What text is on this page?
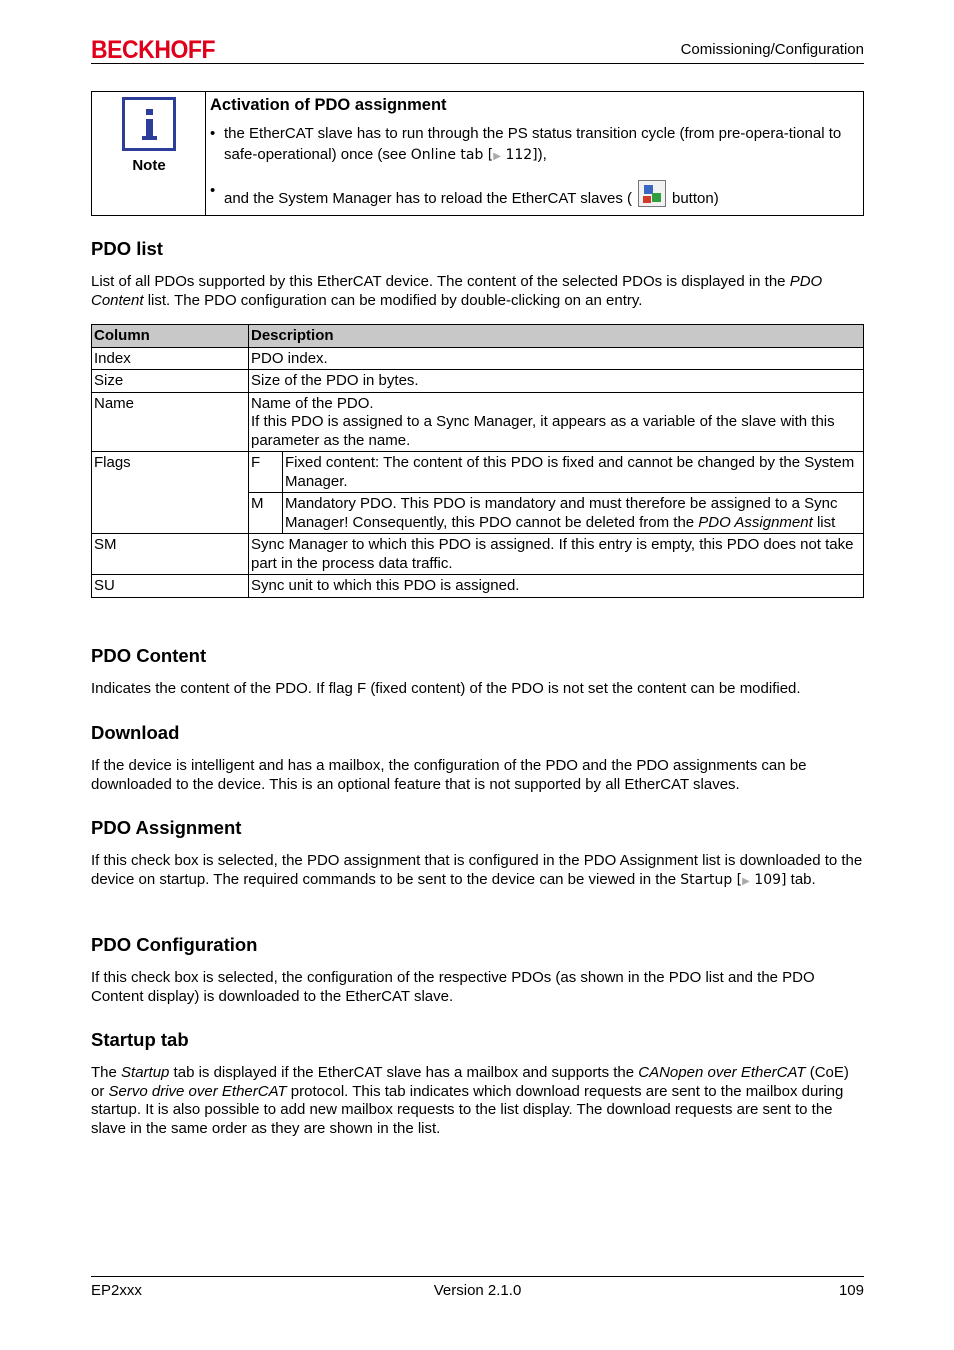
BECKHOFF	Comissioning/Configuration
Note
Activation of PDO assignment
• the EtherCAT slave has to run through the PS status transition cycle (from pre-opera-tional to safe-operational) once (see Online tab [▶ 112]),
• and the System Manager has to reload the EtherCAT slaves (	button)
PDO list

List of all PDOs supported by this EtherCAT device. The content of the selected PDOs is displayed in the PDO Content list. The PDO configuration can be modified by double-clicking on an entry.

Column	Description	
Index	PDO index.	
Size	Size of the PDO in bytes.	
Name	Name of the PDO.
If this PDO is assigned to a Sync Manager, it appears as a variable of the slave with this parameter as the name.	
Flags	F	Fixed content: The content of this PDO is fixed and cannot be changed by the System Manager.
	M	Mandatory PDO. This PDO is mandatory and must therefore be assigned to a Sync Manager! Consequently, this PDO cannot be deleted from the PDO Assignment list
SM	Sync Manager to which this PDO is assigned. If this entry is empty, this PDO does not take part in the process data traffic.	
SU	Sync unit to which this PDO is assigned.	
PDO Content

Indicates the content of the PDO. If flag F (fixed content) of the PDO is not set the content can be modified.

Download

If the device is intelligent and has a mailbox, the configuration of the PDO and the PDO assignments can be downloaded to the device. This is an optional feature that is not supported by all EtherCAT slaves.

PDO Assignment

If this check box is selected, the PDO assignment that is configured in the PDO Assignment list is downloaded to the device on startup. The required commands to be sent to the device can be viewed in the Startup [▶ 109] tab.

PDO Configuration

If this check box is selected, the configuration of the respective PDOs (as shown in the PDO list and the PDO Content display) is downloaded to the EtherCAT slave.

Startup tab

The Startup tab is displayed if the EtherCAT slave has a mailbox and supports the CANopen over EtherCAT (CoE) or Servo drive over EtherCAT protocol. This tab indicates which download requests are sent to the mailbox during startup. It is also possible to add new mailbox requests to the list display. The download requests are sent to the slave in the same order as they are shown in the list.

EP2xxx	Version 2.1.0	109
